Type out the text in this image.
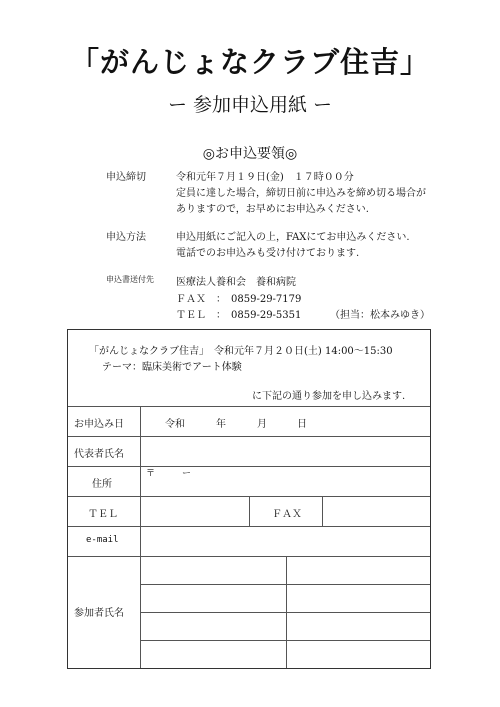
「がんじょなクラブ住吉」
ー 参加申込用紙 ー
◎お申込要領◎
申込締切	令和元年７月１９日(金)　１７時００分
定員に達した場合，締切日前に申込みを締め切る場合が
ありますので，お早めにお申込みください.
申込方法	申込用紙にご記入の上，FAXにてお申込みください.
電話でのお申込みも受け付けております.
申込書送付先 医療法人養和会　養和病院
ＦＡＸ　：　0859-29-7179
ＴＥＬ　：　0859-29-5351	（担当：松本みゆき）
「がんじょなクラブ住吉」　令和元年７月２０日(土) 14:00～15:30
テーマ：臨床美術でアート体験
に下記の通り参加を申し込みます.
お申込み日	令和	年	月	日
代表者氏名
住所
〒　　　ー
ＴＥＬ	ＦＡＸ
e-mail
参加者氏名
